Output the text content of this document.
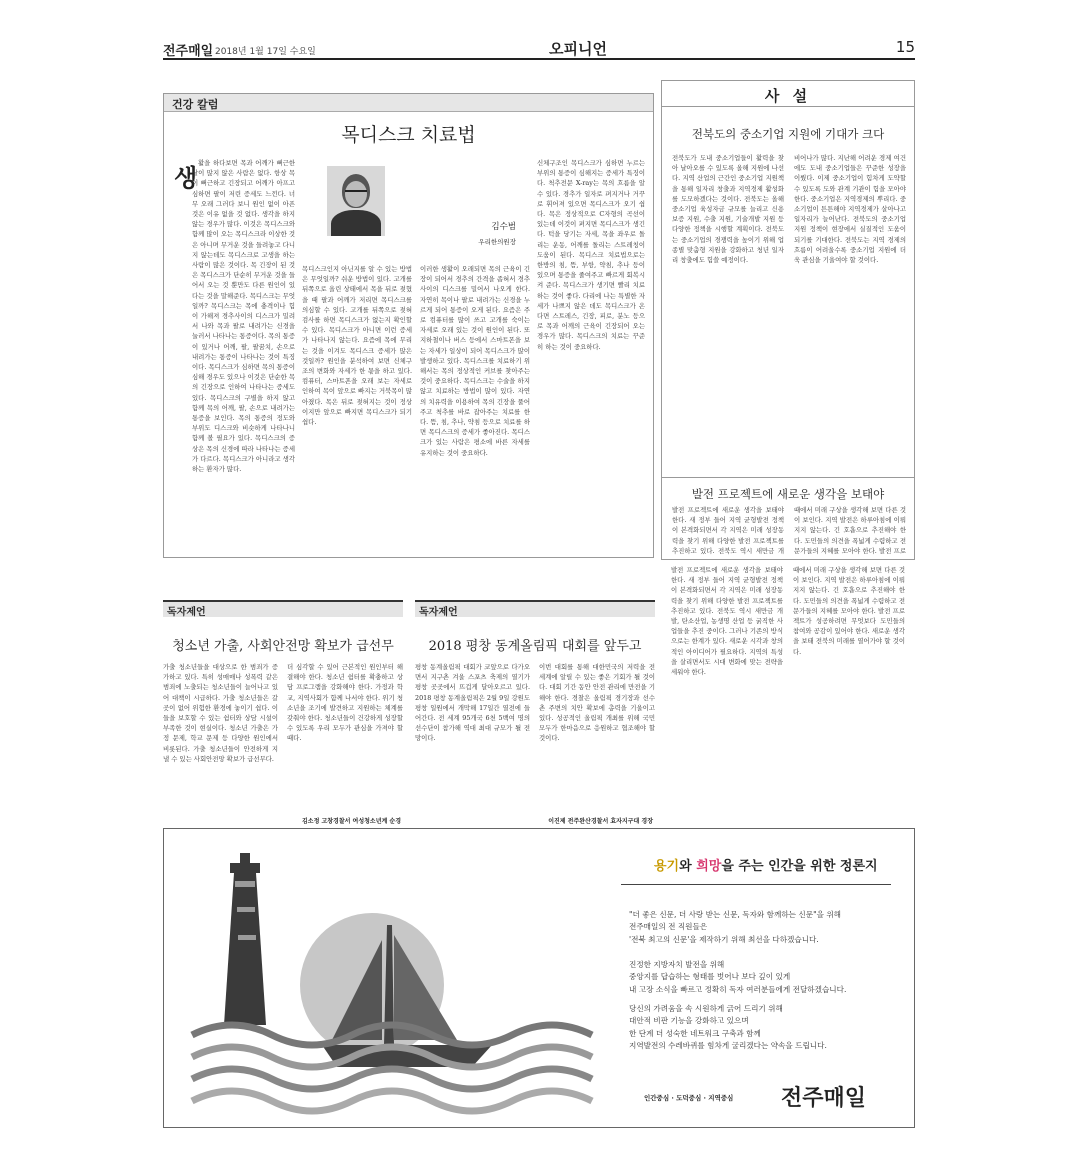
전주매일 2018년 1월 17일 수요일	오피니언	15
건강 칼럼
목디스크 치료법
김수범
우리한의원장
생 활을 하다보면 목과 어깨가 뻐근한 날이 많지 않은 사람은 없다. 항상 목이 뻐근하고 긴장되고 어깨가 아프고 심하면 팔이 저린 증세도 느낀다. 너무 오래 그러다 보니 원인 없이 아픈 것은 이유 없을 것 없다. 생각을 하지 않는 경우가 많다. 이것은 목디스크와 함께 많이 오는 목디스크라 이상한 것은 아니며 무거운 것을 들려놓고 다니지 않는데도 목디스크로 고생을 하는 사람이 많은 것이다. 목 긴장이 된 것은 목디스크가 단순히 무거운 것을 들어서 오는 것 뿐만도 다른 원인이 있다는 것을 말해준다. 목디스크는 무엇일까? 목디스크는 목에 충격이나 힘이 가해져 경추사이의 디스크가 밀려서 나와 목과 팔로 내려가는 신경을 눌러서 나타나는 통증이다. 목의 통증이 있거나 어깨, 팔, 팔꿈치, 손으로 내려가는 통증이 나타나는 것이 특징이다. 목디스크가 심하면 목의 통증이 심해 경우도 있으나 이것은 단순한 목의 긴장으로 인하여 나타나는 증세도 있다. 목디스크의 구별을 하지 않고 함께 목의 어깨, 팔, 손으로 내려가는 통증을 보인다. 목의 통증의 정도와 부위도 디스크와 비슷하게 나타나니 함께 볼 필요가 있다. 목디스크의 증상은 목의 신경에 따라 나타나는 증세가 다르다. 목디스크가 아니라고 생각하는 환자가 많다.
목디스크인지 아닌지를 알 수 있는 방법은 무엇일까? 쉬운 방법이 있다. 고개를 뒤쪽으로 올린 상태에서 목을 뒤로 젖혔을 때 팔과 어깨가 저리면 목디스크를 의심할 수 있다. 고개를 뒤쪽으로 젖혀 검사를 하면 목디스크가 없는지 확인할 수 있다. 목디스크가 아니면 이런 증세가 나타나지 않는다. 요즘에 목에 무리는 것을 이겨도 목디스크 증세가 많은 것일까? 원인을 분석하여 보면 신체구조의 변화와 자세가 한 몫을 하고 있다. 컴퓨터, 스마트폰을 오래 보는 자세로 인하여 목이 앞으로 빠지는 거북목이 많아졌다. 목은 뒤로 젖혀지는 것이 정상이지만 앞으로 빠지면 목디스크가 되기 쉽다.
이러한 생활이 오래되면 목의 근육이 긴장이 되어서 경추의 간격을 좁혀서 경추사이의 디스크를 밀어서 나오게 한다. 자연히 목이나 팔로 내려가는 신경을 누르게 되어 통증이 오게 된다. 요즘은 주로 컴퓨터를 많이 쓰고 고개를 숙이는 자세로 오래 있는 것이 원인이 된다. 또 지하철이나 버스 등에서 스마트폰을 보는 자세가 일상이 되어 목디스크가 많이 발생하고 있다. 목디스크를 치료하기 위해서는 목의 정상적인 커브를 찾아주는 것이 중요하다. 목디스크는 수술을 하지 않고 치료하는 방법이 많이 있다. 자연의 치유력을 이용하여 목의 긴장을 풀어주고 척추를 바로 잡아주는 치료를 한다. 뜸, 침, 추나, 약침 등으로 치료를 하면 목디스크의 증세가 좋아진다. 목디스크가 있는 사람은 평소에 바른 자세를 유지하는 것이 중요하다.
신체구조인 목디스크가 심하면 누르는 부위의 통증이 심해지는 증세가 특징이다. 척추전문 X-ray는 목의 흐름을 알 수 있다. 경추가 일자로 펴지거나 거꾸로 휘어져 있으면 목디스크가 오기 쉽다. 목은 정상적으로 C자형의 곡선이 있는데 이것이 펴지면 목디스크가 생긴다. 턱을 당기는 자세, 목을 좌우로 돌리는 운동, 어깨를 돌리는 스트레칭이 도움이 된다. 목디스크 치료법으로는 한방의 침, 뜸, 부항, 약침, 추나 등이 있으며 통증을 줄여주고 빠르게 회복시켜 준다. 목디스크가 생기면 빨리 치료하는 것이 좋다. 다리에 나는 특별한 자세가 나쁘지 않은 데도 목디스크가 온다면 스트레스, 긴장, 피로, 분노 등으로 목과 어깨의 근육이 긴장되어 오는 경우가 많다. 목디스크의 치료는 꾸준히 하는 것이 중요하다.
사 설
전북도의 중소기업 지원에 기대가 크다
전북도가 도내 중소기업들이 활력을 찾아 날아오를 수 있도록 올해 지원에 나선다. 지역 산업의 근간인 중소기업 지원책을 통해 일자리 창출과 지역경제 활성화를 도모하겠다는 것이다. 전북도는 올해 중소기업 육성자금 규모를 늘리고 신용보증 지원, 수출 지원, 기술개발 지원 등 다양한 정책을 시행할 계획이다. 전북도는 중소기업의 경쟁력을 높이기 위해 업종별 맞춤형 지원을 강화하고 청년 일자리 창출에도 힘쓸 예정이다.
비어나가 많다. 지난해 어려운 경제 여건에도 도내 중소기업들은 꾸준한 성장을 이뤘다. 이제 중소기업이 힘차게 도약할 수 있도록 도와 관계 기관이 힘을 모아야 한다. 중소기업은 지역경제의 뿌리다. 중소기업이 튼튼해야 지역경제가 살아나고 일자리가 늘어난다. 전북도의 중소기업 지원 정책이 현장에서 실질적인 도움이 되기를 기대한다. 전북도는 지역 경제의 흐름이 어려울수록 중소기업 지원에 더욱 관심을 기울여야 할 것이다.
발전 프로젝트에 새로운 생각을 보태야
발전 프로젝트에 새로운 생각을 보태야 한다. 새 정부 들어 지역 균형발전 정책이 본격화되면서 각 지역은 미래 성장동력을 찾기 위해 다양한 발전 프로젝트를 추진하고 있다. 전북도 역시 새만금 개
때에서 미래 구상을 생각해 보면 다른 것이 보인다. 지역 발전은 하루아침에 이뤄지지 않는다. 긴 호흡으로 추진해야 한다. 도민들의 의견을 폭넓게 수렴하고 전문가들의 지혜를 모아야 한다. 발전 프로
독자제언
청소년 가출, 사회안전망 확보가 급선무
가출 청소년들을 대상으로 한 범죄가 증가하고 있다. 특히 성매매나 성폭력 같은 범죄에 노출되는 청소년들이 늘어나고 있어 대책이 시급하다. 가출 청소년들은 갈 곳이 없어 위험한 환경에 놓이기 쉽다. 이들을 보호할 수 있는 쉼터와 상담 시설이 부족한 것이 현실이다. 청소년 가출은 가정 문제, 학교 문제 등 다양한 원인에서 비롯된다. 가출 청소년들이 안전하게 지낼 수 있는 사회안전망 확보가 급선무다.
더 심각할 수 있어 근본적인 원인부터 해결해야 한다. 청소년 쉼터를 확충하고 상담 프로그램을 강화해야 한다. 가정과 학교, 지역사회가 함께 나서야 한다. 위기 청소년을 조기에 발견하고 지원하는 체계를 갖춰야 한다. 청소년들이 건강하게 성장할 수 있도록 우리 모두가 관심을 가져야 할 때다.
김소정 고창경찰서 여성청소년계 순경
독자제언
2018 평창 동계올림픽 대회를 앞두고
평창 동계올림픽 대회가 코앞으로 다가오면서 지구촌 겨울 스포츠 축제의 열기가 평창 곳곳에서 뜨겁게 달아오르고 있다. 2018 평창 동계올림픽은 2월 9일 강원도 평창 일원에서 개막해 17일간 열전에 들어간다. 전 세계 95개국 6천 5백여 명의 선수단이 참가해 역대 최대 규모가 될 전망이다.
이번 대회를 통해 대한민국의 저력을 전 세계에 알릴 수 있는 좋은 기회가 될 것이다. 대회 기간 동안 안전 관리에 만전을 기해야 한다. 경찰은 올림픽 경기장과 선수촌 주변의 치안 확보에 총력을 기울이고 있다. 성공적인 올림픽 개최를 위해 국민 모두가 한마음으로 응원하고 협조해야 할 것이다.
이진제 전주완산경찰서 효자지구대 경장
발전 프로젝트에 새로운 생각을 보태야 한다. 새 정부 들어 지역 균형발전 정책이 본격화되면서 각 지역은 미래 성장동력을 찾기 위해 다양한 발전 프로젝트를 추진하고 있다. 전북도 역시 새만금 개발, 탄소산업, 농생명 산업 등 굵직한 사업들을 추진 중이다. 그러나 기존의 방식으로는 한계가 있다. 새로운 시각과 창의적인 아이디어가 필요하다. 지역의 특성을 살리면서도 시대 변화에 맞는 전략을 세워야 한다.
때에서 미래 구상을 생각해 보면 다른 것이 보인다. 지역 발전은 하루아침에 이뤄지지 않는다. 긴 호흡으로 추진해야 한다. 도민들의 의견을 폭넓게 수렴하고 전문가들의 지혜를 모아야 한다. 발전 프로젝트가 성공하려면 무엇보다 도민들의 참여와 공감이 있어야 한다. 새로운 생각을 보태 전북의 미래를 열어가야 할 것이다.
용기와 희망을 주는 인간을 위한 정론지

"더 좋은 신문, 더 사랑 받는 신문, 독자와 함께하는 신문"을 위해
전주매일의 전 직원들은
'전북 최고의 신문'을 제작하기 위해 최선을 다하겠습니다.

진정한 지방자치 발전을 위해
중앙지를 답습하는 형태를 벗어나 보다 깊이 있게
내 고장 소식을 빠르고 정확히 독자 여러분들에게 전달하겠습니다.

당신의 가려움을 속 시원하게 긁어 드리기 위해
대안적 비판 기능을 강화하고 있으며
한 단계 더 성숙한 네트워크 구축과 함께
지역발전의 수레바퀴를 힘차게 굴리겠다는 약속을 드립니다.

인간중심 · 도덕중심 · 지역중심 전주매일
